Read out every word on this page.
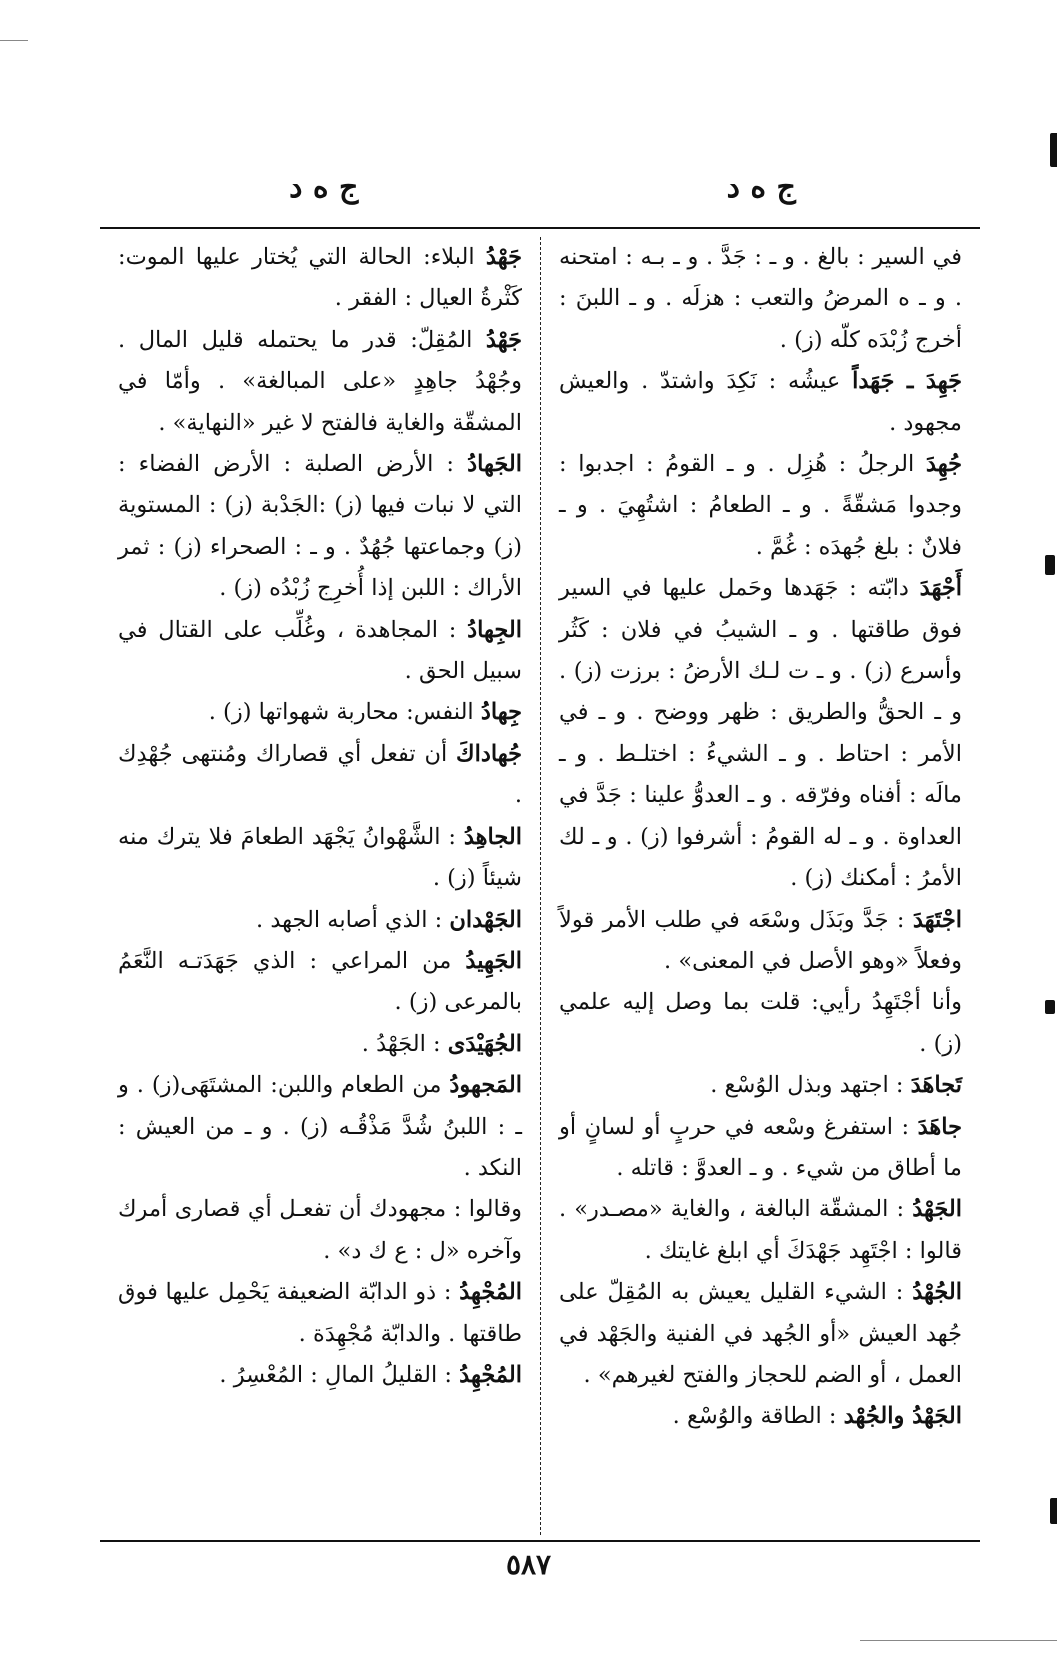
ج ه د
ج ه د

في السير : بالغ . و ـ : جَدَّ . و ـ بـه : امتحنه . و ـ ه المرضُ والتعب : هزلَه . و ـ اللبنَ : أخرج زُبْدَه كلّه (ز) .

جَهِدَ ـ جَهَداً عيشُه : نَكِدَ واشتدّ . والعيش مجهود .

جُهِدَ الرجلُ : هُزِل . و ـ القومُ : اجدبوا : وجدوا مَشقّةً . و ـ الطعامُ : اشتُهِيَ . و ـ فلانٌ : بلغ جُهدَه : غُمَّ .

أَجْهَدَ دابّته : جَهَدها وحَمل عليها في السير فوق طاقتها . و ـ الشيبُ في فلان : كَثُر وأسرع (ز) . و ـ ت لـك الأرضُ : برزت (ز) . و ـ الحقُّ والطريق : ظهر ووضح . و ـ في الأمر : احتاط . و ـ الشيءُ : اختلـط . و ـ مالَه : أفناه وفرّقه . و ـ العدوُّ علينا : جَدَّ في العداوة . و ـ له القومُ : أشرفوا (ز) . و ـ لك الأمرُ : أمكنك (ز) .

اجْتَهَدَ : جَدَّ وبَذَل وسْعَه في طلب الأمر قولاً وفعلاً «وهو الأصل في المعنى» .

وأنا أجْتَهِدُ رأيي: قلت بما وصل إليه علمي (ز) .

تَجاهَدَ : اجتهد وبذل الوُسْع .

جاهَدَ : استفرغ وسْعه في حربٍ أو لسانٍ أو ما أطاق من شيء . و ـ العدوَّ : قاتله .

الجَهْدُ : المشقّة البالغة ، والغاية «مصـدر» . قالوا : اجْتَهِد جَهْدَكَ أي ابلغ غايتك .

الجُهْدُ : الشيء القليل يعيش به المُقِلّ على جُهد العيش «أو الجُهد في الفنية والجَهْد في العمل ، أو الضم للحجاز والفتح لغيرهم» .

الجَهْدُ والجُهْد : الطاقة والوُسْع .

جَهْدُ البلاء: الحالة التي يُختار عليها الموت: كَثْرةُ العيال : الفقر .

جَهْدُ المُقِلّ: قدر ما يحتمله قليل المال . وجُهْدُ جاهِدٍ «على المبالغة» . وأمّا في المشقّة والغاية فالفتح لا غير «النهاية» .

الجَهادُ : الأرض الصلبة : الأرض الفضاء : التي لا نبات فيها (ز) :الجَدْبة (ز) : المستوية (ز) وجماعتها جُهُدٌ . و ـ : الصحراء (ز) : ثمر الأراك : اللبن إذا أُخرِج زُبْدُه (ز) .

الجِهادُ : المجاهدة ، وغُلِّب على القتال في سبيل الحق .

جِهادُ النفس: محاربة شهواتها (ز) .

جُهاداكَ أن تفعل أي قصاراك ومُنتهى جُهْدِك .

الجاهِدُ : الشَّهْوانُ يَجْهَد الطعامَ فلا يترك منه شيئاً (ز) .

الجَهْدان : الذي أصابه الجهد .

الجَهِيدُ من المراعي : الذي جَهَدَتـه النَّعَمُ بالمرعى (ز) .

الجُهَيْدَى : الجَهْدُ .

المَجهودُ من الطعام واللبن: المشتَهَى(ز) . و ـ : اللبنُ شُدَّ مَذْقُـه (ز) . و ـ من العيش : النكد .

وقالوا : مجهودك أن تفعـل أي قصارى أمرك وآخره «ل : ع ك د» .

المُجْهِدُ : ذو الدابّة الضعيفة يَحْمِل عليها فوق طاقتها . والدابّة مُجْهِدَة .

المُجْهِدُ : القليلُ المالِ : المُعْسِرُ .

٥٨٧
